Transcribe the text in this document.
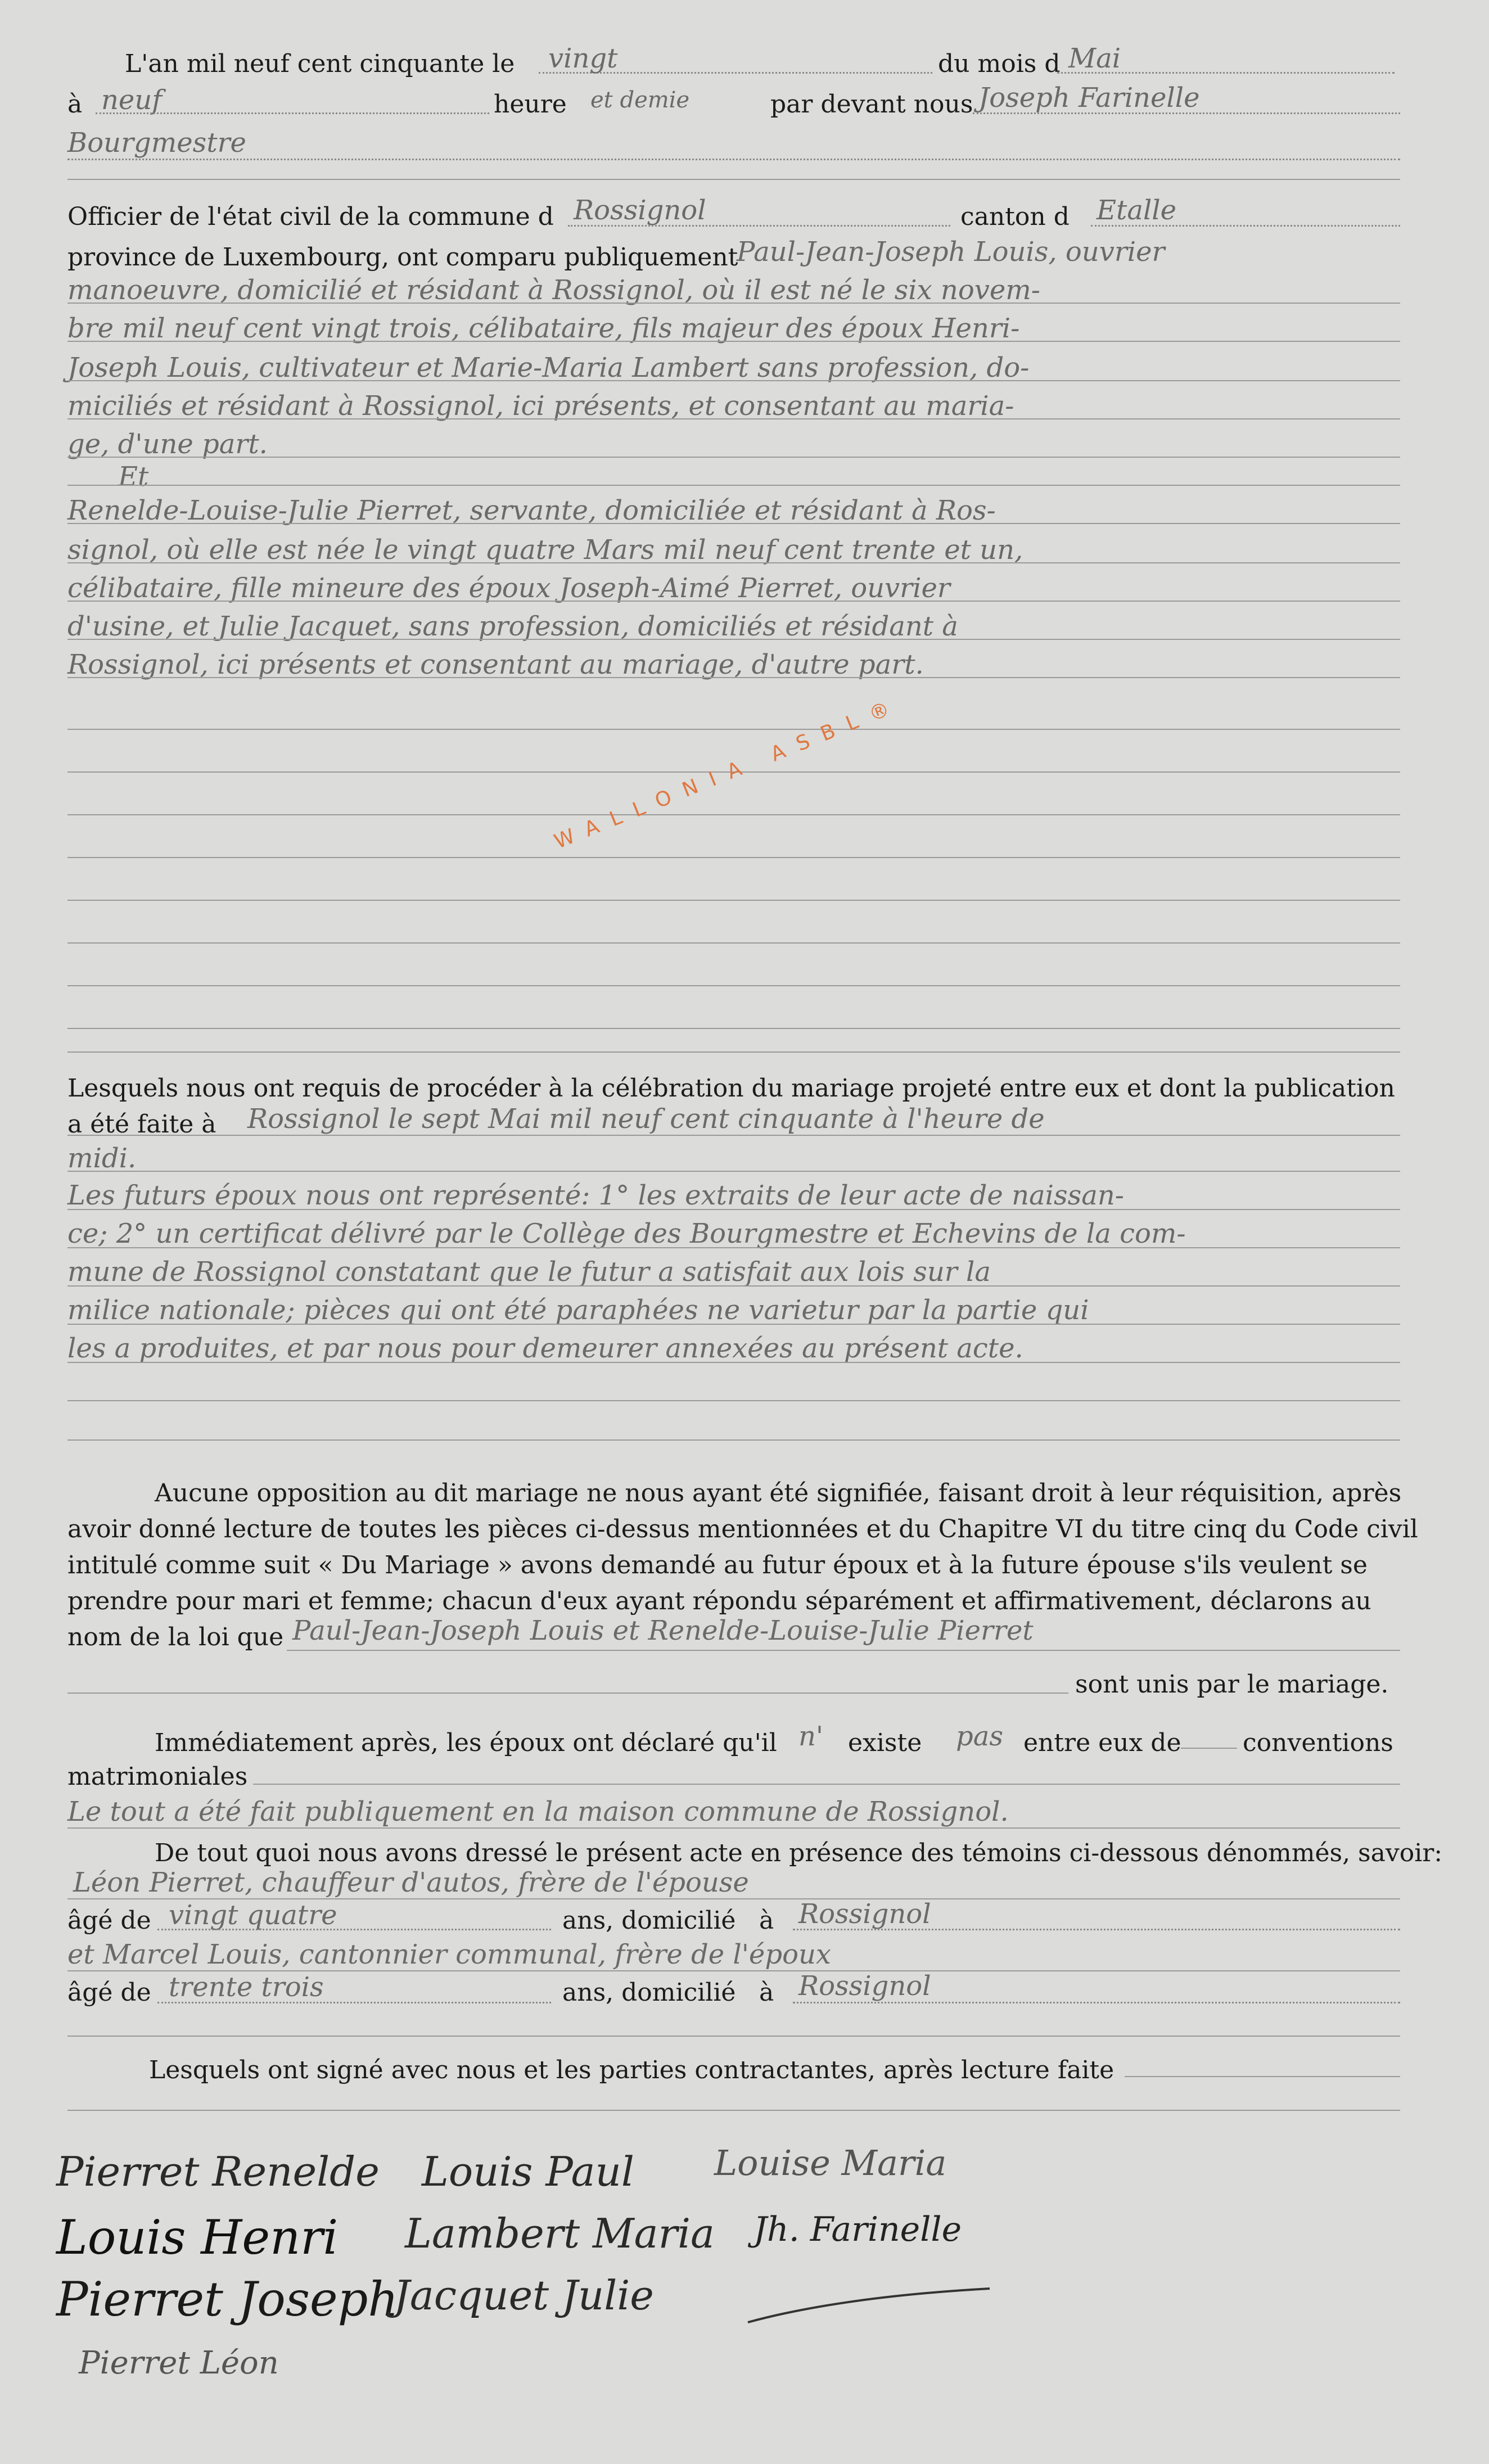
L'an mil neuf cent cinquante le vingt	du mois d Mai
à neuf	heure et demie	par devant nous Joseph Farinelle
Bourgmestre
Officier de l'état civil de la commune d Rossignol	canton d Etalle
province de Luxembourg, ont comparu publiquement
Paul-Jean-Joseph Louis, ouvrier
manoeuvre, domicilié et résidant à Rossignol, où il est né le six novem-
bre mil neuf cent vingt trois, célibataire, fils majeur des époux Henri-
Joseph Louis, cultivateur et Marie-Maria Lambert sans profession, do-
miciliés et résidant à Rossignol, ici présents, et consentant au maria-
ge, d'une part.
Et
Renelde-Louise-Julie Pierret, servante, domiciliée et résidant à Ros-
signol, où elle est née le vingt quatre Mars mil neuf cent trente et un,
célibataire, fille mineure des époux Joseph-Aimé Pierret, ouvrier
d'usine, et Julie Jacquet, sans profession, domiciliés et résidant à
Rossignol, ici présents et consentant au mariage, d'autre part.
WALLONIA ASBL®
Lesquels nous ont requis de procéder à la célébration du mariage projeté entre eux et dont la publication
a été faite à Rossignol le sept Mai mil neuf cent cinquante à l'heure de
midi.
Les futurs époux nous ont représenté: 1° les extraits de leur acte de naissan-
ce; 2° un certificat délivré par le Collège des Bourgmestre et Echevins de la com-
mune de Rossignol constatant que le futur a satisfait aux lois sur la
milice nationale; pièces qui ont été paraphées ne varietur par la partie qui
les a produites, et par nous pour demeurer annexées au présent acte.
Aucune opposition au dit mariage ne nous ayant été signifiée, faisant droit à leur réquisition, après
avoir donné lecture de toutes les pièces ci-dessus mentionnées et du Chapitre VI du titre cinq du Code civil
intitulé comme suit « Du Mariage » avons demandé au futur époux et à la future épouse s'ils veulent se
prendre pour mari et femme; chacun d'eux ayant répondu séparément et affirmativement, déclarons au
nom de la loi que Paul-Jean-Joseph Louis et Renelde-Louise-Julie Pierret
sont unis par le mariage.
Immédiatement après, les époux ont déclaré qu'il n' existe pas entre eux de conventions
matrimoniales
Le tout a été fait publiquement en la maison commune de Rossignol.
De tout quoi nous avons dressé le présent acte en présence des témoins ci-dessous dénommés, savoir:
Léon Pierret, chauffeur d'autos, frère de l'épouse
âgé de vingt quatre	ans, domicilié à Rossignol
et Marcel Louis, cantonnier communal, frère de l'époux
âgé de trente trois	ans, domicilié à Rossignol
Lesquels ont signé avec nous et les parties contractantes, après lecture faite
Pierret Renelde Louis Paul Louise Maria
Louis Henri Lambert Maria Jh. Farinelle
Pierret Joseph
Jacquet Julie
Pierret Léon
